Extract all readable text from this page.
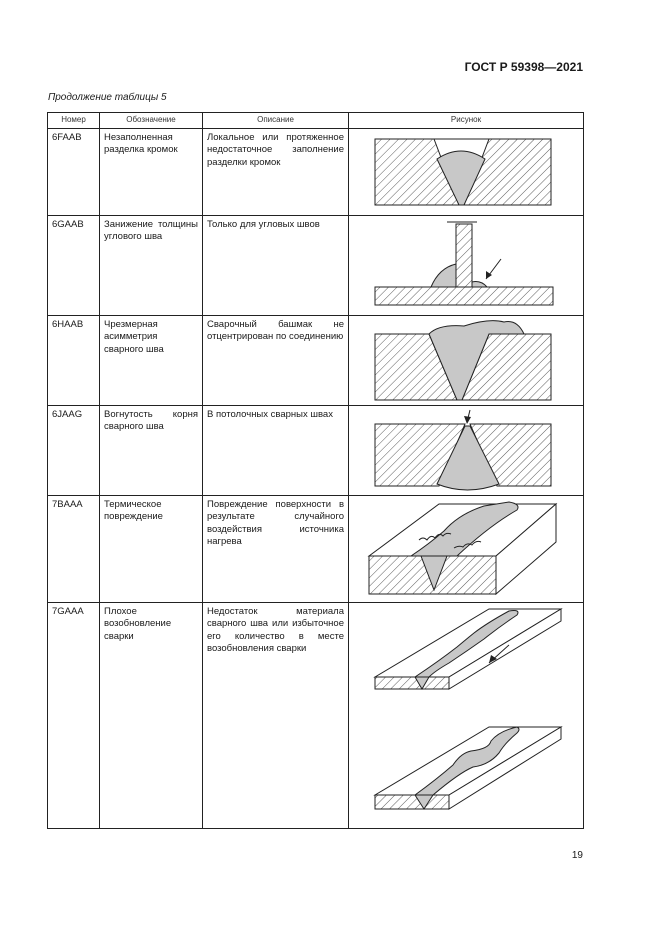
ГОСТ Р 59398—2021
Продолжение таблицы 5
Номер	Обозначение	Описание	Рисунок
6FAAB	Незаполненная разделка кромок	Локальное или протяженное недостаточное заполнение разделки кромок	

6GAAB	Занижение толщины углового шва	Только для угловых швов	

6HAAB	Чрезмерная асимметрия сварного шва	Сварочный башмак не отцентрирован по соединению	

6JAAG	Вогнутость корня сварного шва	В потолочных сварных швах	

7BAAA	Термическое повреждение	Повреждение поверхности в результате случайного воздействия источника нагрева	

7GAAA	Плохое возобновление сварки	Недостаток материала сварного шва или избыточное его количество в месте возобновления сварки	
19
